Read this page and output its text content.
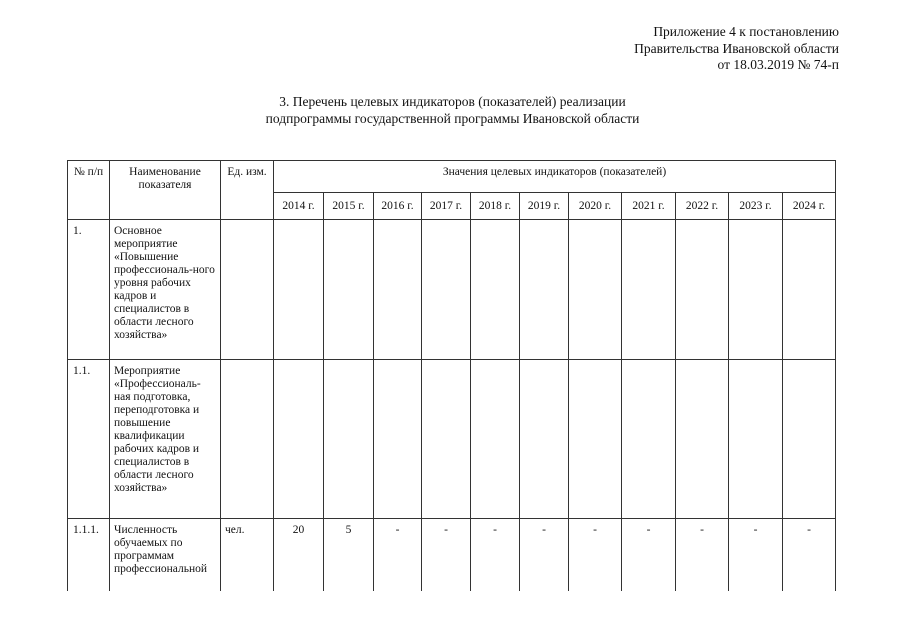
Приложение 4 к постановлению
Правительства Ивановской области
от 18.03.2019 № 74-п
3. Перечень целевых индикаторов (показателей) реализации
подпрограммы государственной программы Ивановской области
№ п/п	Наименование показателя	Ед. изм.	Значения целевых индикаторов (показателей)										
			2014 г.	2015 г.	2016 г.	2017 г.	2018 г.	2019 г.	2020 г.	2021 г.	2022 г.	2023 г.	2024 г.
1.	Основное мероприятие «Повышение профессиональ-ного уровня рабочих кадров и специалистов в области лесного хозяйства»												
1.1.	Мероприятие «Профессиональ-ная подготовка, переподготовка и повышение квалификации рабочих кадров и специалистов в области лесного хозяйства»												
1.1.1.	Численность обучаемых по программам профессиональной	чел.	20	5	-	-	-	-	-	-	-	-	-
